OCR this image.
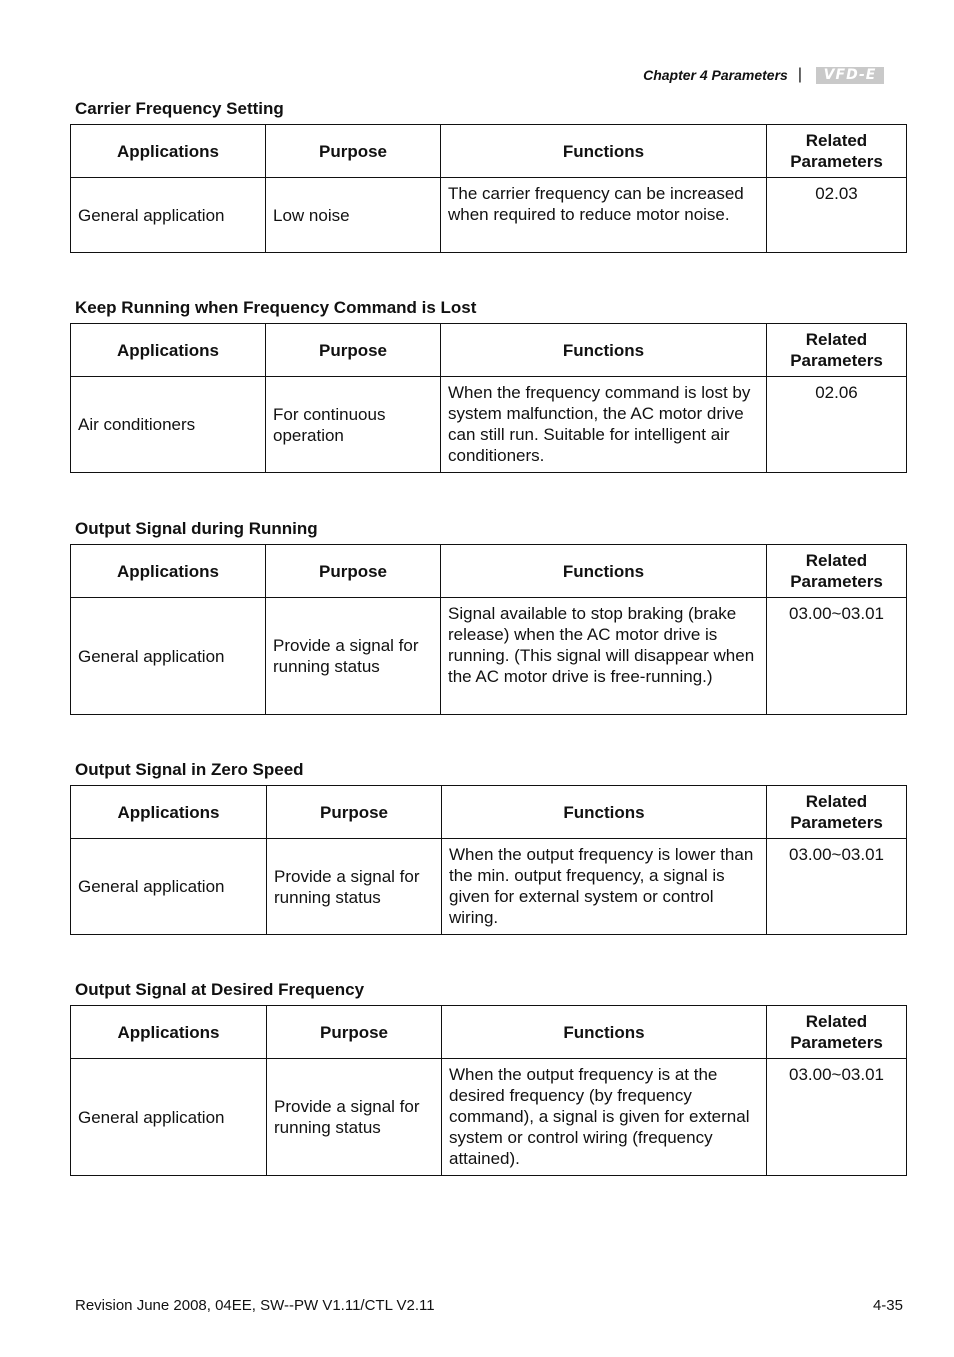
Chapter 4 Parameters |	VFD-E
Carrier Frequency Setting
Applications	Purpose	Functions	Related Parameters
General application	Low noise	The carrier frequency can be increased when required to reduce motor noise.	02.03
Keep Running when Frequency Command is Lost
Applications	Purpose	Functions	Related Parameters
Air conditioners	For continuous operation	When the frequency command is lost by system malfunction, the AC motor drive can still run. Suitable for intelligent air conditioners.	02.06
Output Signal during Running
Applications	Purpose	Functions	Related Parameters
General application	Provide a signal for running status	Signal available to stop braking (brake release) when the AC motor drive is running. (This signal will disappear when the AC motor drive is free-running.)	03.00~03.01
Output Signal in Zero Speed
Applications	Purpose	Functions	Related Parameters
General application	Provide a signal for running status	When the output frequency is lower than the min. output frequency, a signal is given for external system or control wiring.	03.00~03.01
Output Signal at Desired Frequency
Applications	Purpose	Functions	Related Parameters
General application	Provide a signal for running status	When the output frequency is at the desired frequency (by frequency command), a signal is given for external system or control wiring (frequency attained).	03.00~03.01
Revision June 2008, 04EE, SW--PW V1.11/CTL V2.11	4-35
